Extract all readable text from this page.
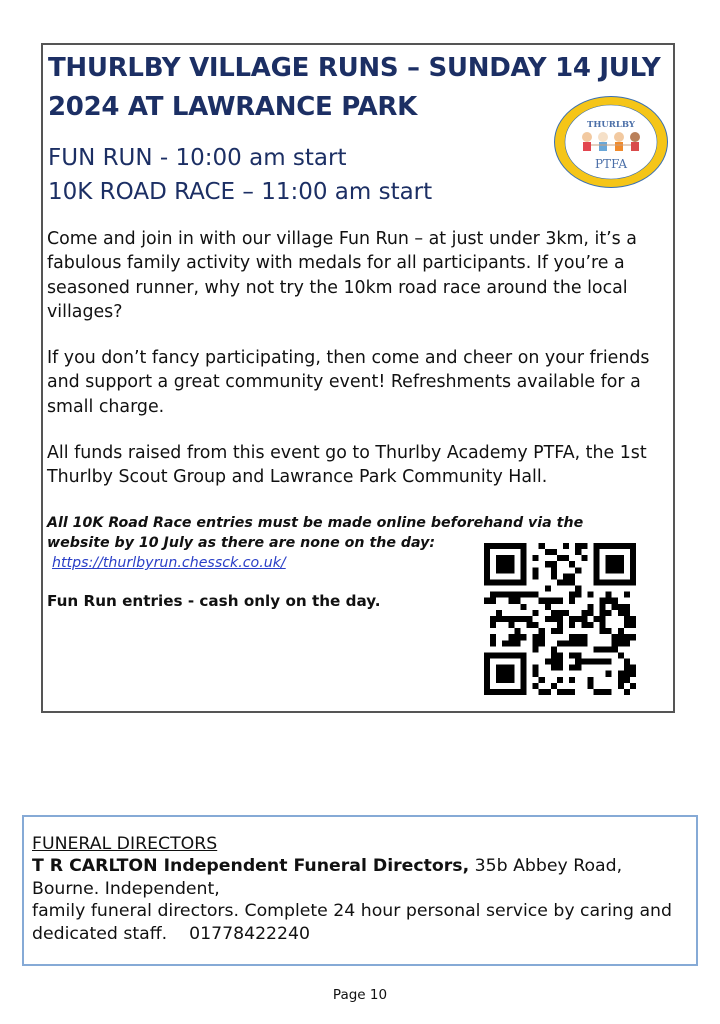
THURLBY VILLAGE RUNS – SUNDAY 14 JULY
2024 AT LAWRANCE PARK

FUN RUN - 10:00 am start

10K ROAD RACE – 11:00 am start

THURLBY
PTFA

Come and join in with our village Fun Run – at just under 3km, it’s a fabulous family activity with medals for all participants. If you’re a seasoned runner, why not try the 10km road race around the local villages?

If you don’t fancy participating, then come and cheer on your friends and support a great community event! Refreshments available for a small charge.

All funds raised from this event go to Thurlby Academy PTFA, the 1st Thurlby Scout Group and Lawrance Park Community Hall.

All 10K Road Race entries must be made online beforehand via the website by 10 July as there are none on the day:
https://thurlbyrun.chessck.co.uk/

Fun Run entries - cash only on the day.

FUNERAL DIRECTORS
T R CARLTON Independent Funeral Directors, 35b Abbey Road, Bourne. Independent,
family funeral directors. Complete 24 hour personal service by caring and dedicated staff. 01778422240

Page 10
